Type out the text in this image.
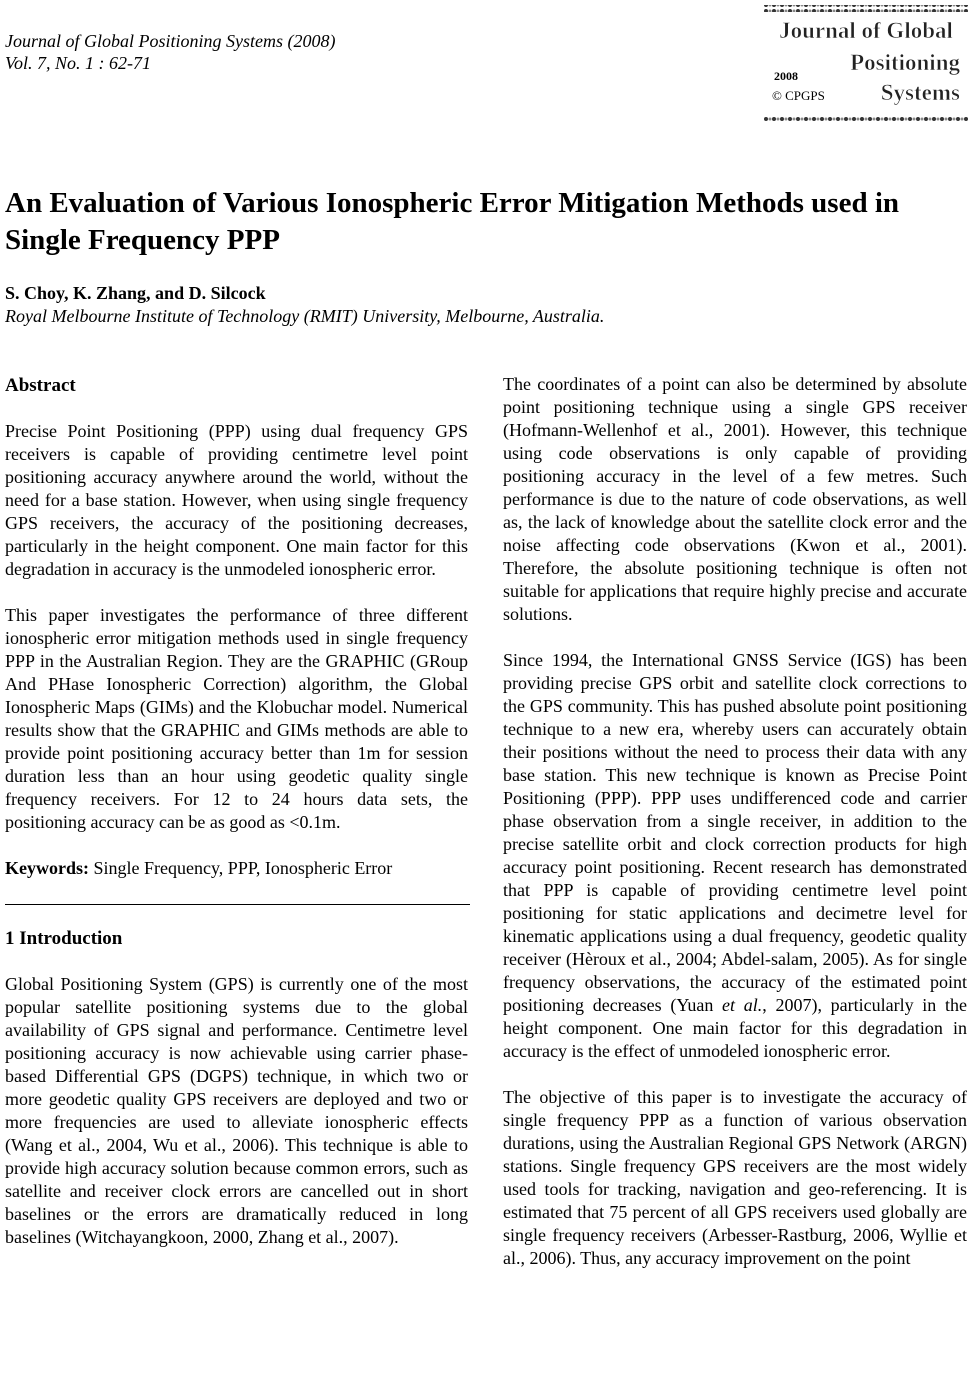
Journal of Global Positioning Systems (2008)
Vol. 7, No. 1 : 62-71
Journal of Global
Positioning
Systems
2008
© CPGPS
An Evaluation of Various Ionospheric Error Mitigation Methods used in Single Frequency PPP
S. Choy, K. Zhang, and D. Silcock
Royal Melbourne Institute of Technology (RMIT) University, Melbourne, Australia.
Abstract

Precise Point Positioning (PPP) using dual frequency GPS receivers is capable of providing centimetre level point positioning accuracy anywhere around the world, without the need for a base station. However, when using single frequency GPS receivers, the accuracy of the positioning decreases, particularly in the height component. One main factor for this degradation in accuracy is the unmodeled ionospheric error.

This paper investigates the performance of three different ionospheric error mitigation methods used in single frequency PPP in the Australian Region. They are the GRAPHIC (GRoup And PHase Ionospheric Correction) algorithm, the Global Ionospheric Maps (GIMs) and the Klobuchar model. Numerical results show that the GRAPHIC and GIMs methods are able to provide point positioning accuracy better than 1m for session duration less than an hour using geodetic quality single frequency receivers. For 12 to 24 hours data sets, the positioning accuracy can be as good as <0.1m.

Keywords: Single Frequency, PPP, Ionospheric Error

1 Introduction

Global Positioning System (GPS) is currently one of the most popular satellite positioning systems due to the global availability of GPS signal and performance. Centimetre level positioning accuracy is now achievable using carrier phase-based Differential GPS (DGPS) technique, in which two or more geodetic quality GPS receivers are deployed and two or more frequencies are used to alleviate ionospheric effects (Wang et al., 2004, Wu et al., 2006). This technique is able to provide high accuracy solution because common errors, such as satellite and receiver clock errors are cancelled out in short baselines or the errors are dramatically reduced in long baselines (Witchayangkoon, 2000, Zhang et al., 2007).

The coordinates of a point can also be determined by absolute point positioning technique using a single GPS receiver (Hofmann-Wellenhof et al., 2001). However, this technique using code observations is only capable of providing positioning accuracy in the level of a few metres. Such performance is due to the nature of code observations, as well as, the lack of knowledge about the satellite clock error and the noise affecting code observations (Kwon et al., 2001). Therefore, the absolute positioning technique is often not suitable for applications that require highly precise and accurate solutions.

Since 1994, the International GNSS Service (IGS) has been providing precise GPS orbit and satellite clock corrections to the GPS community. This has pushed absolute point positioning technique to a new era, whereby users can accurately obtain their positions without the need to process their data with any base station. This new technique is known as Precise Point Positioning (PPP). PPP uses undifferenced code and carrier phase observation from a single receiver, in addition to the precise satellite orbit and clock correction products for high accuracy point positioning. Recent research has demonstrated that PPP is capable of providing centimetre level point positioning for static applications and decimetre level for kinematic applications using a dual frequency, geodetic quality receiver (Hèroux et al., 2004; Abdel-salam, 2005). As for single frequency observations, the accuracy of the estimated point positioning decreases (Yuan et al., 2007), particularly in the height component. One main factor for this degradation in accuracy is the effect of unmodeled ionospheric error.

The objective of this paper is to investigate the accuracy of single frequency PPP as a function of various observation durations, using the Australian Regional GPS Network (ARGN) stations. Single frequency GPS receivers are the most widely used tools for tracking, navigation and geo-referencing. It is estimated that 75 percent of all GPS receivers used globally are single frequency receivers (Arbesser-Rastburg, 2006, Wyllie et al., 2006). Thus, any accuracy improvement on the point
